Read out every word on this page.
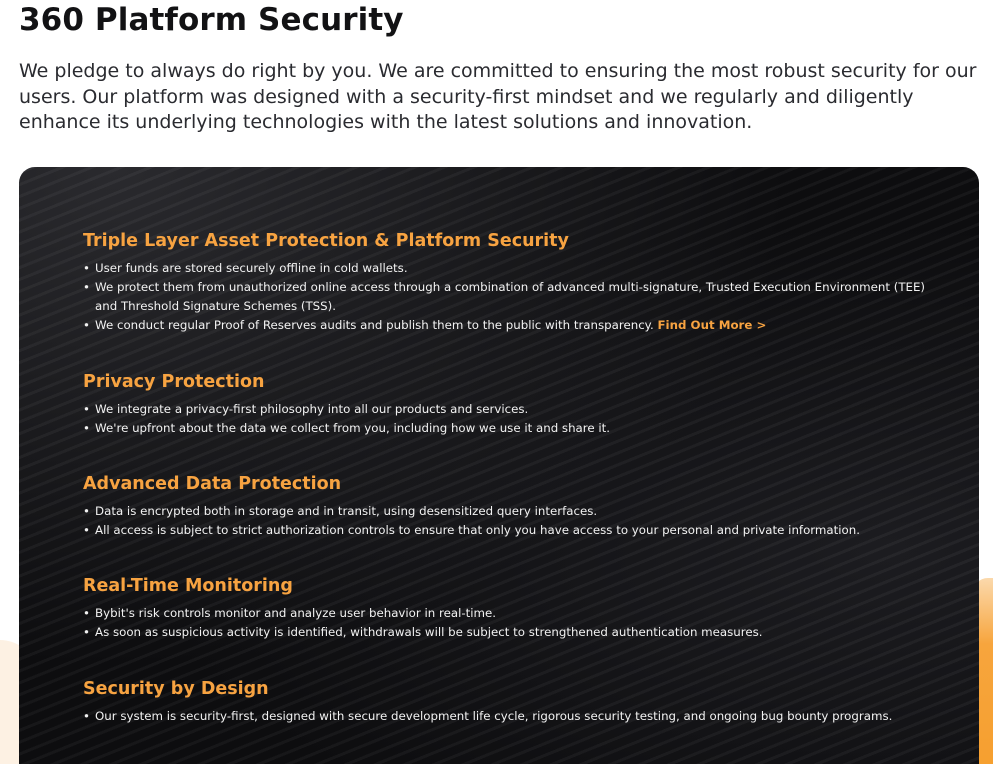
360 Platform Security

We pledge to always do right by you. We are committed to ensuring the most robust security for our users. Our platform was designed with a security-first mindset and we regularly and diligently enhance its underlying technologies with the latest solutions and innovation.

Triple Layer Asset Protection & Platform Security
• User funds are stored securely offline in cold wallets.
• We protect them from unauthorized online access through a combination of advanced multi-signature, Trusted Execution Environment (TEE) and Threshold Signature Schemes (TSS).
• We conduct regular Proof of Reserves audits and publish them to the public with transparency. Find Out More >
Privacy Protection
• We integrate a privacy-first philosophy into all our products and services.
• We're upfront about the data we collect from you, including how we use it and share it.
Advanced Data Protection
• Data is encrypted both in storage and in transit, using desensitized query interfaces.
• All access is subject to strict authorization controls to ensure that only you have access to your personal and private information.
Real-Time Monitoring
• Bybit's risk controls monitor and analyze user behavior in real-time.
• As soon as suspicious activity is identified, withdrawals will be subject to strengthened authentication measures.
Security by Design
• Our system is security-first, designed with secure development life cycle, rigorous security testing, and ongoing bug bounty programs.
